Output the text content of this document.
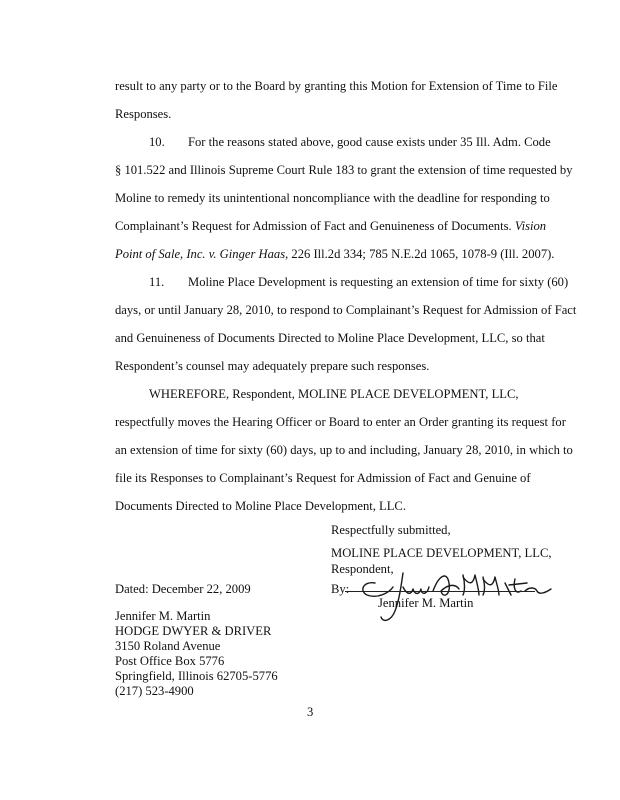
result to any party or to the Board by granting this Motion for Extension of Time to File
Responses.
10. For the reasons stated above, good cause exists under 35 Ill. Adm. Code
§ 101.522 and Illinois Supreme Court Rule 183 to grant the extension of time requested by
Moline to remedy its unintentional noncompliance with the deadline for responding to
Complainant’s Request for Admission of Fact and Genuineness of Documents. Vision
Point of Sale, Inc. v. Ginger Haas, 226 Ill.2d 334; 785 N.E.2d 1065, 1078-9 (Ill. 2007).
11. Moline Place Development is requesting an extension of time for sixty (60)
days, or until January 28, 2010, to respond to Complainant’s Request for Admission of Fact
and Genuineness of Documents Directed to Moline Place Development, LLC, so that
Respondent’s counsel may adequately prepare such responses.
WHEREFORE, Respondent, MOLINE PLACE DEVELOPMENT, LLC,
respectfully moves the Hearing Officer or Board to enter an Order granting its request for
an extension of time for sixty (60) days, up to and including, January 28, 2010, in which to
file its Responses to Complainant’s Request for Admission of Fact and Genuine of
Documents Directed to Moline Place Development, LLC.
Respectfully submitted,
MOLINE PLACE DEVELOPMENT, LLC,
Respondent,
By:
Jennifer M. Martin
Dated: December 22, 2009
Jennifer M. Martin
HODGE DWYER & DRIVER
3150 Roland Avenue
Post Office Box 5776
Springfield, Illinois 62705-5776
(217) 523-4900
3
